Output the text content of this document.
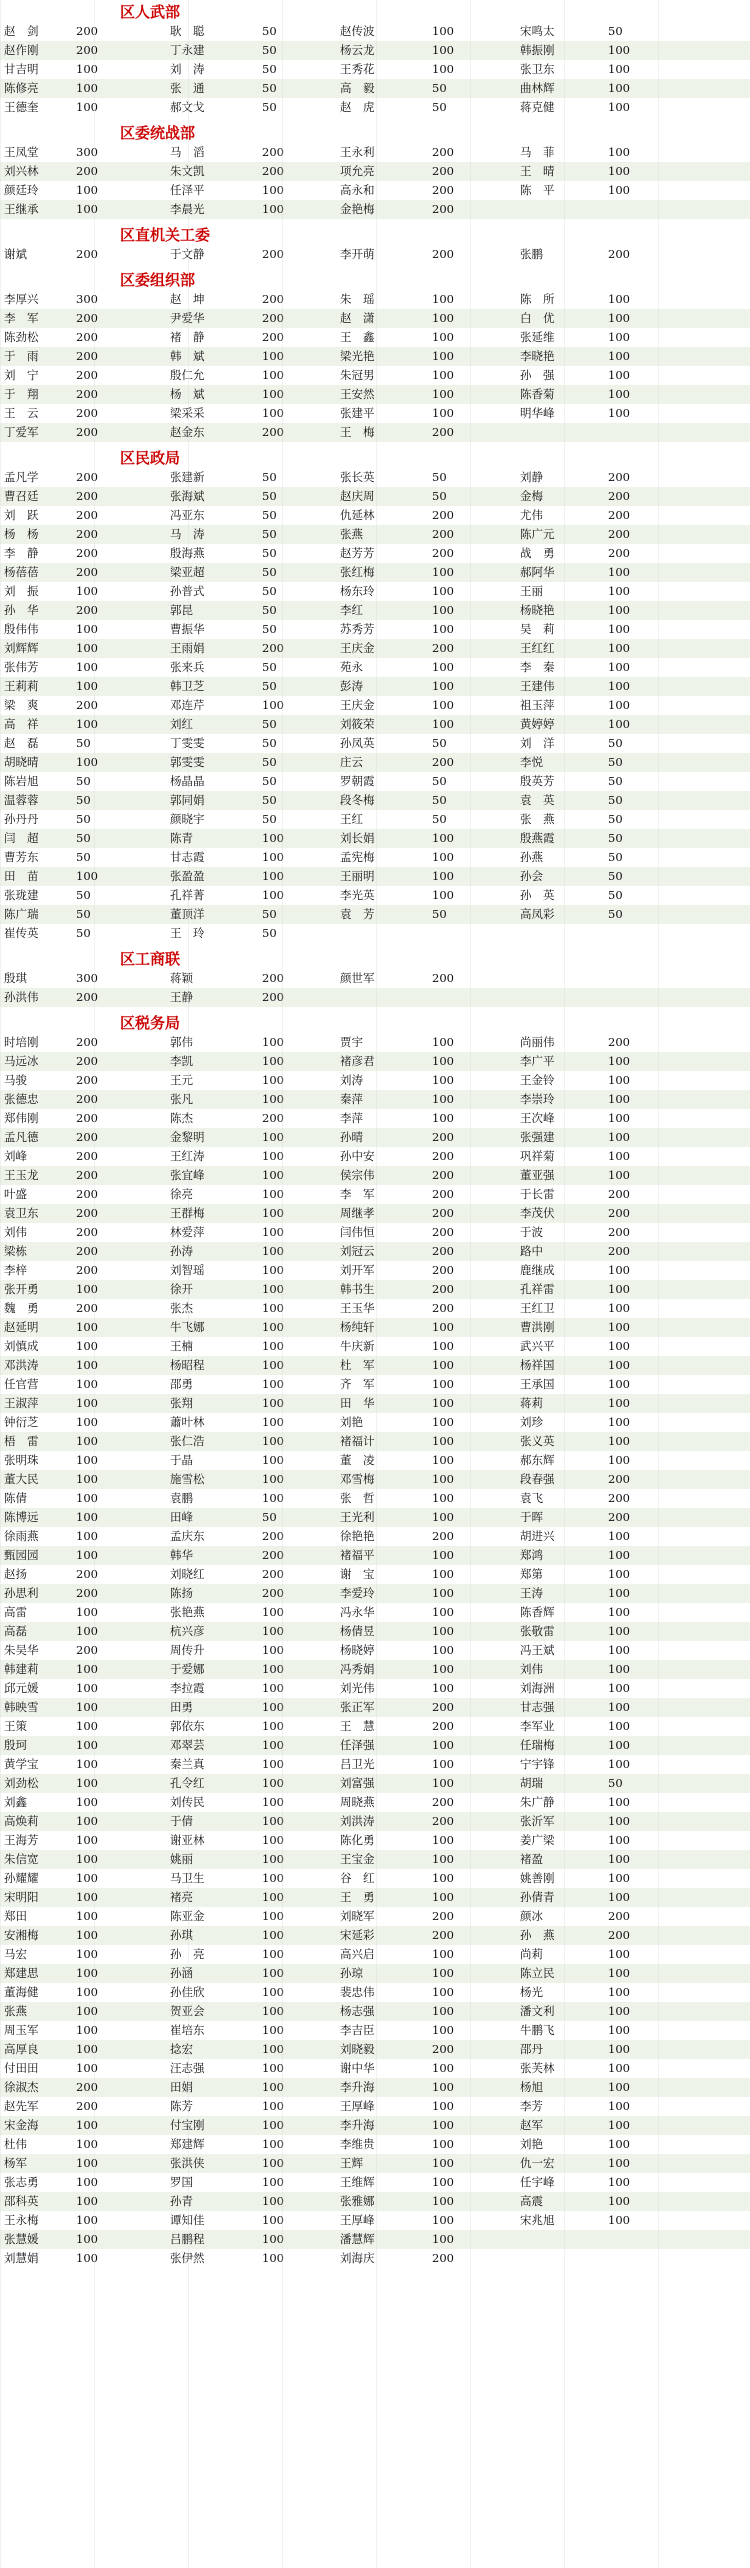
区人武部
赵　剑	200	耿　聪	50	赵传波	100	宋鸣太	50
赵作刚	200	丁永建	50	杨云龙	100	韩振刚	100
甘吉明	100	刘　涛	50	王秀花	100	张卫东	100
陈修亮	100	张　通	50	高　毅	50	曲林辉	100
王德奎	100	郝文戈	50	赵　虎	50	蒋克健	100
区委统战部
王凤堂	300	马　滔	200	王永利	200	马　菲	100
刘兴林	200	朱文凯	200	项允亮	200	王　晴	100
颜廷玲	100	任泽平	100	高永和	200	陈　平	100
王继承	100	李晨光	100	金艳梅	200
区直机关工委
谢斌	200	于文静	200	李开萌	200	张鹏	200
区委组织部
李厚兴	300	赵　坤	200	朱　瑶	100	陈　所	100
李　军	200	尹爱华	200	赵　潇	100	白　优	100
陈劲松	200	褚　静	200	王　鑫	100	张延维	100
于　雨	200	韩　斌	100	梁光艳	100	李晓艳	100
刘　宁	200	殷仁允	100	朱冠男	100	孙　强	100
于　翔	200	杨　斌	100	王安然	100	陈香菊	100
王　云	200	梁采采	100	张建平	100	明华峰	100
丁爱军	200	赵金东	200	王　梅	200
区民政局
孟凡学	200	张建新	50	张长英	50	刘静	200
曹召廷	200	张海斌	50	赵庆周	50	金梅	200
刘　跃	200	冯亚东	50	仇延林	200	尤伟	200
杨　杨	200	马　涛	50	张燕	200	陈广元	200
李　静	200	殷海燕	50	赵芳芳	200	战　勇	200
杨蓓蓓	200	梁亚超	50	张红梅	100	郝阿华	100
刘　振	100	孙普式	50	杨东玲	100	王丽	100
孙　华	200	郭昆	50	李红	100	杨晓艳	100
殷伟伟	100	曹振华	50	苏秀芳	100	吴　莉	100
刘辉辉	100	王雨娟	200	王庆金	200	王红红	100
张伟芳	100	张来兵	50	苑永	100	李　秦	100
王莉莉	100	韩卫芝	50	彭涛	100	王建伟	100
梁　爽	200	邓连芹	100	王庆金	100	祖玉萍	100
高　祥	100	刘红	50	刘筱荣	100	黄婷婷	100
赵　磊	50	丁雯雯	50	孙凤英	50	刘　洋	50
胡晓晴	100	郭雯雯	50	庄云	200	李悦	50
陈岩旭	50	杨晶晶	50	罗朝霞	50	殷英芳	50
温蓉蓉	50	郭同娟	50	段冬梅	50	袁　英	50
孙丹丹	50	颜晓宇	50	王红	50	张　燕	50
闫　超	50	陈青	100	刘长娟	100	殷燕霞	50
曹芳东	50	甘志霞	100	孟宪梅	100	孙燕	50
田　苗	100	张盈盈	100	王丽明	100	孙会	50
张珑建	50	孔祥菁	100	李光英	100	孙　英	50
陈广瑞	50	董顶洋	50	袁　芳	50	高凤彩	50
崔传英	50	王　玲	50
区工商联
殷琪	300	蒋颖	200	颜世军	200
孙洪伟	200	王静	200
区税务局
时培刚	200	郭伟	100	贾宇	100	尚丽伟	200
马远冰	200	李凯	100	褚彦君	100	李广平	100
马骏	200	王元	100	刘涛	100	王金铃	100
张德忠	200	张凡	100	秦萍	100	李崇玲	100
郑伟刚	200	陈杰	200	李萍	100	王次峰	100
孟凡德	200	金黎明	100	孙晴	200	张强建	100
刘峰	200	王红涛	100	孙中安	200	巩祥菊	100
王玉龙	200	张宜峰	100	侯宗伟	200	董亚强	100
叶盛	200	徐亮	100	李　军	200	于长雷	200
袁卫东	200	王群梅	100	周继孝	200	李茂伏	200
刘伟	200	林爱萍	100	闫伟恒	200	于波	200
梁栋	200	孙涛	100	刘冠云	200	路中	200
李梓	200	刘智瑶	100	刘开军	200	鹿继成	100
张开勇	100	徐开	100	韩书生	200	孔祥雷	100
魏　勇	200	张杰	100	王玉华	200	王红卫	100
赵延明	100	牛飞娜	100	杨纯轩	100	曹洪刚	100
刘慎成	100	王楠	100	牛庆新	100	武兴平	100
邓洪涛	100	杨昭程	100	杜　军	100	杨祥国	100
任官营	100	邵勇	100	齐　军	100	王承国	100
王淑萍	100	张翔	100	田　华	100	蒋莉	100
钟衍芝	100	蕭叶林	100	刘艳	100	刘珍	100
梧　雷	100	张仁浩	100	褚福计	100	张义英	100
张明珠	100	于晶	100	董　凌	100	郝东辉	100
董大民	100	施雪松	100	邓雪梅	100	段春强	200
陈倩	100	袁鹏	100	张　哲	100	袁飞	200
陈博远	100	田峰	50	王光利	100	于晖	200
徐雨燕	100	孟庆东	200	徐艳艳	200	胡进兴	100
甄园园	100	韩华	200	褚福平	100	郑鸿	100
赵扬	200	刘晓红	200	谢　宝	100	郑第	100
孙思利	200	陈扬	200	李爱玲	100	王涛	100
高雷	100	张艳燕	100	冯永华	100	陈香辉	100
高磊	100	杭兴彦	100	杨倩昱	100	张敬雷	100
朱吴华	200	周传升	100	杨晓婷	100	冯王斌	100
韩建莉	100	于爱娜	100	冯秀娟	100	刘伟	100
邱元媛	100	李拉霞	100	刘光伟	100	刘海洲	100
韩映雪	100	田勇	100	张正军	200	甘志强	100
王策	100	郭依东	100	王　慧	200	李军业	100
殷珂	100	邓翠芸	100	任泽强	100	任瑞梅	100
黄学宝	100	秦兰真	100	吕卫光	100	宁宇锋	100
刘劲松	100	孔令红	100	刘富强	100	胡瑞	50
刘鑫	100	刘传民	100	周晓燕	200	朱广静	100
高焕莉	100	于倩	100	刘洪涛	200	张沂军	100
王海芳	100	谢亚林	100	陈化勇	100	姜广梁	100
朱信宽	100	姚丽	100	王宝金	100	褚盈	100
孙耀耀	100	马卫生	100	谷　红	100	姚善刚	100
宋明阳	100	褚亮	100	王　勇	100	孙倩青	100
郑田	100	陈亚金	100	刘晓军	200	颜冰	200
安湘梅	100	孙琪	100	宋延彩	200	孙　燕	200
马宏	100	孙　亮	100	高兴启	100	尚莉	100
郑建思	100	孙涵	100	孙琼	100	陈立民	100
董海健	100	孙佳欣	100	裴忠伟	100	杨光	100
张燕	100	贺亚会	100	杨志强	100	潘文利	100
周玉军	100	崔培东	100	李吉臣	100	牛鹏飞	100
高厚良	100	捻宏	100	刘晓毅	200	邵丹	100
付田田	100	汪志强	100	谢中华	100	张芙林	100
徐淑杰	200	田娟	100	李升海	100	杨旭	100
赵先军	200	陈芳	100	王厚峰	100	李芳	100
宋金海	100	付宝刚	100	李升海	100	赵军	100
杜伟	100	郑建辉	100	李维贵	100	刘艳	100
杨军	100	张洪侠	100	王辉	100	仇一宏	100
张志勇	100	罗国	100	王维辉	100	任宇峰	100
邵科英	100	孙青	100	张雅娜	100	高震	100
王永梅	100	谭知佳	100	王厚峰	100	宋兆旭	100
张慧媛	100	吕鹏程	100	潘慧辉	100
刘慧娟	100	张伊然	100	刘海庆	200
